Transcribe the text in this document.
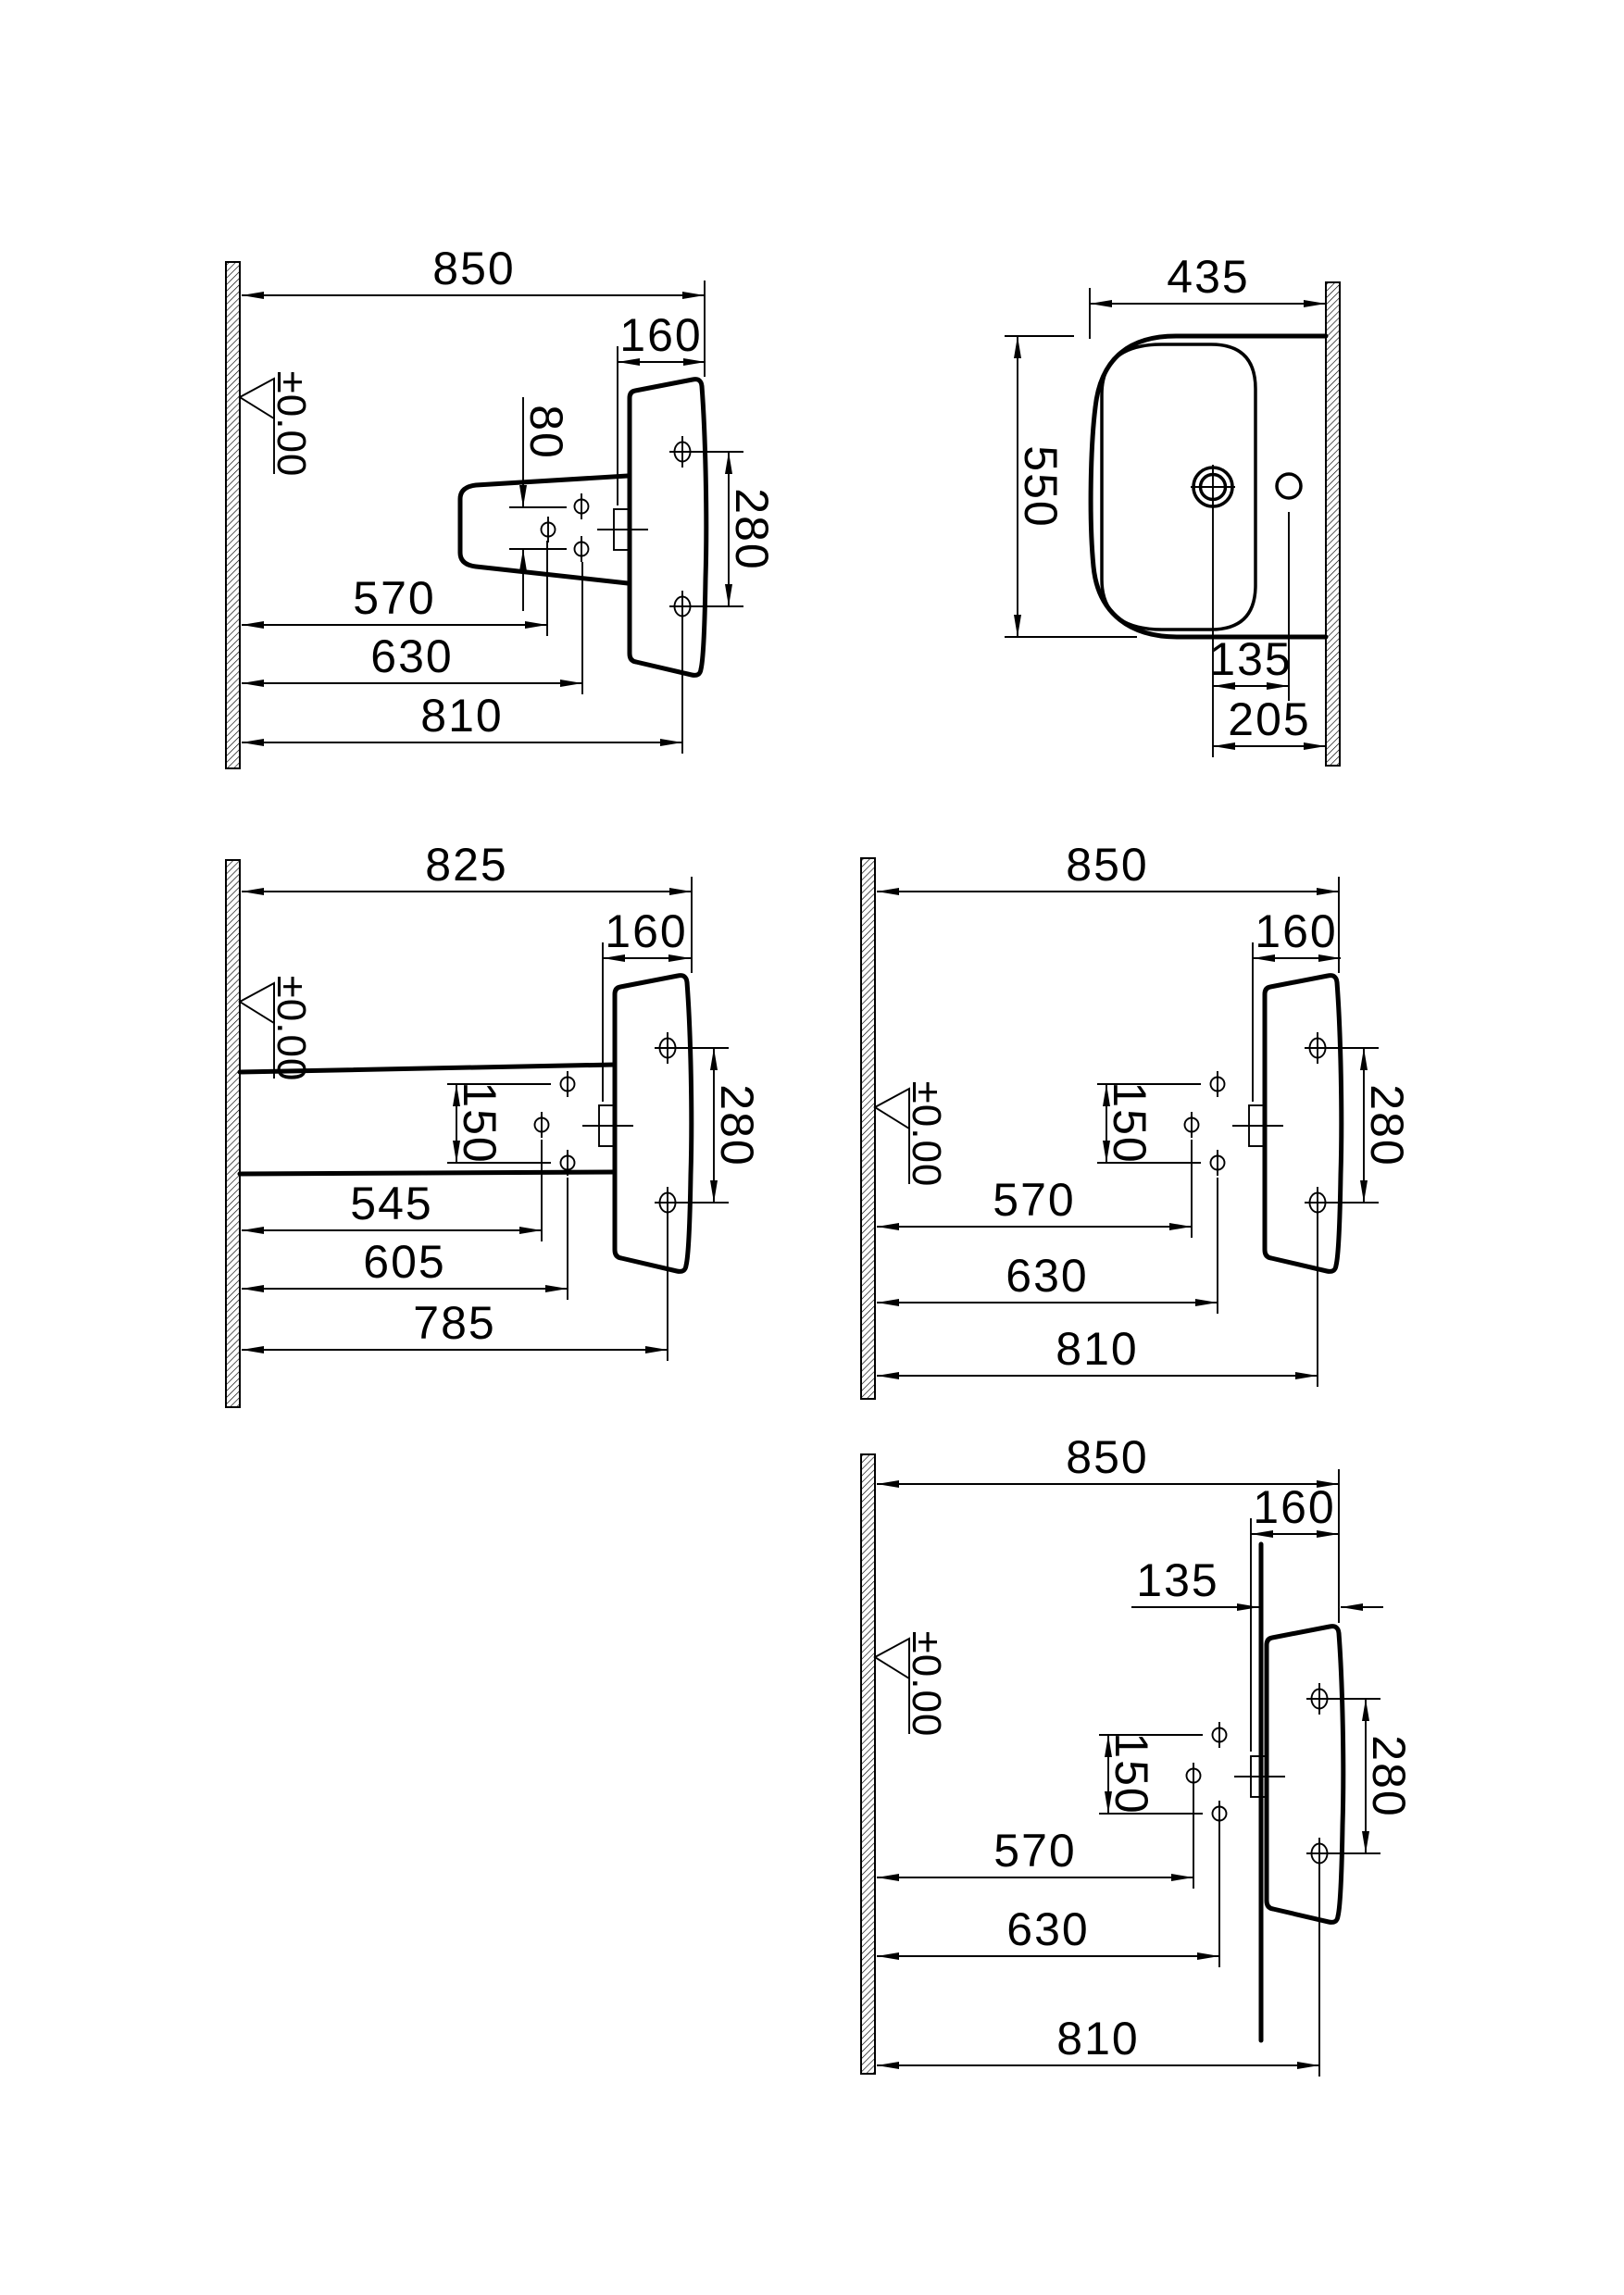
150
±0.00
850
80
570
630
810
435
550
135
205
±0.00
825
545
605
785
±0.00
850
570
630
810
±0.00
850
160
135
570
630
810
